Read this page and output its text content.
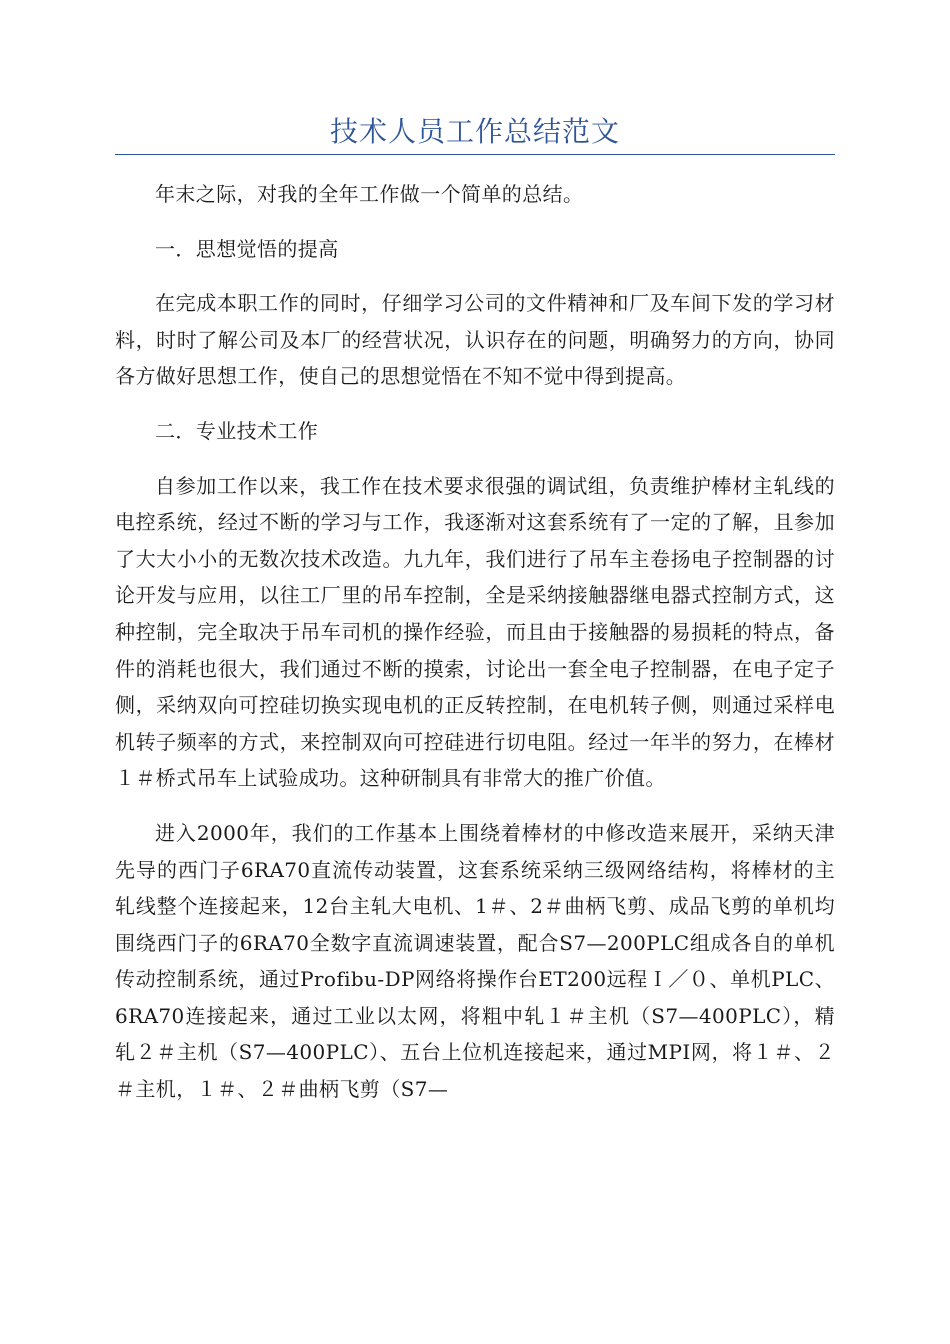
技术人员工作总结范文

年末之际，对我的全年工作做一个简单的总结。

一．思想觉悟的提高

在完成本职工作的同时，仔细学习公司的文件精神和厂及车间下发的学习材料，时时了解公司及本厂的经营状况，认识存在的问题，明确努力的方向，协同各方做好思想工作，使自己的思想觉悟在不知不觉中得到提高。

二．专业技术工作

自参加工作以来，我工作在技术要求很强的调试组，负责维护棒材主轧线的电控系统，经过不断的学习与工作，我逐渐对这套系统有了一定的了解，且参加了大大小小的无数次技术改造。九九年，我们进行了吊车主卷扬电子控制器的讨论开发与应用，以往工厂里的吊车控制，全是采纳接触器继电器式控制方式，这种控制，完全取决于吊车司机的操作经验，而且由于接触器的易损耗的特点，备件的消耗也很大，我们通过不断的摸索，讨论出一套全电子控制器，在电子定子侧，采纳双向可控硅切换实现电机的正反转控制，在电机转子侧，则通过采样电机转子频率的方式，来控制双向可控硅进行切电阻。经过一年半的努力，在棒材１＃桥式吊车上试验成功。这种研制具有非常大的推广价值。

进入2000年，我们的工作基本上围绕着棒材的中修改造来展开，采纳天津先导的西门子6RA70直流传动装置，这套系统采纳三级网络结构，将棒材的主轧线整个连接起来，12台主轧大电机、1＃、2＃曲柄飞剪、成品飞剪的单机均围绕西门子的6RA70全数字直流调速装置，配合S7—200PLC组成各自的单机传动控制系统，通过Profibu-DP网络将操作台ET200远程Ｉ／０、单机PLC、6RA70连接起来，通过工业以太网，将粗中轧１＃主机（S7—400PLC），精轧２＃主机（S7—400PLC）、五台上位机连接起来，通过MPI网，将１＃、２＃主机，１＃、２＃曲柄飞剪（S7—
